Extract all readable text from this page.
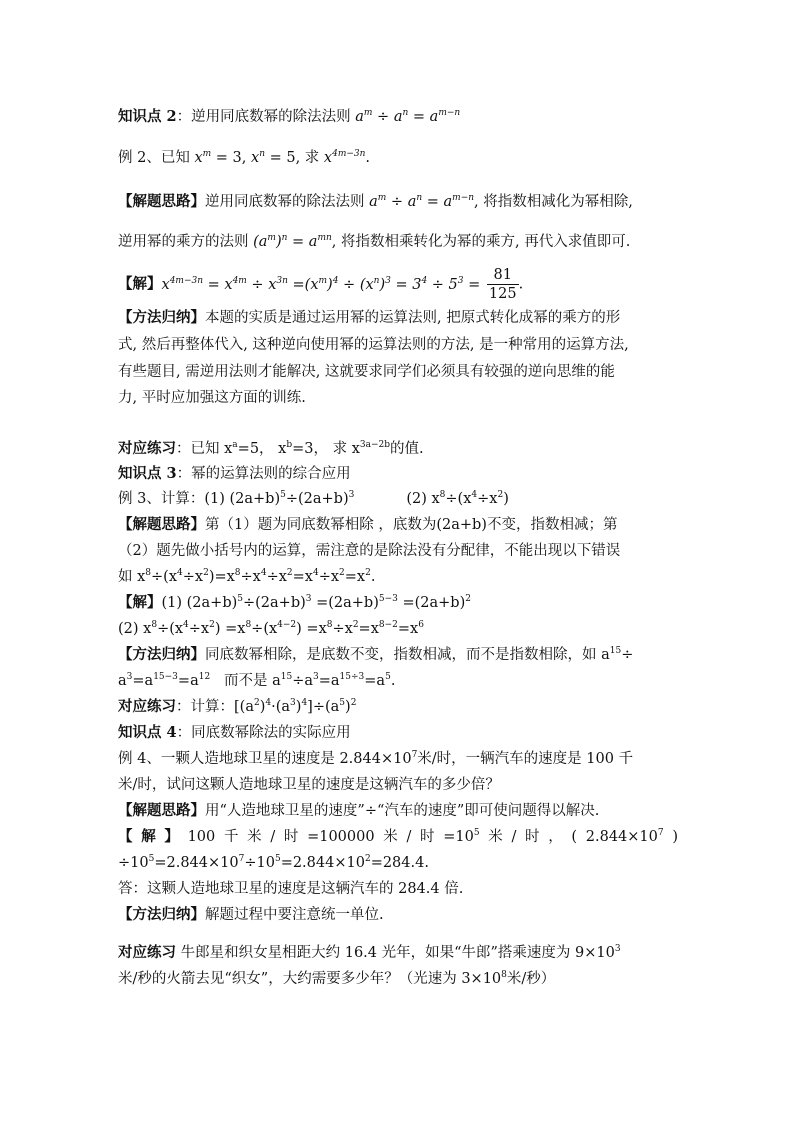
知识点 2：逆用同底数幂的除法法则 $a^m \div a^n = a^{m-n}$
例 2、已知 $x^m = 3$, $x^n = 5$, 求 $x^{4m-3n}$.
【解题思路】逆用同底数幂的除法法则 $a^m \div a^n = a^{m-n}$, 将指数相减化为幂相除,
逆用幂的乘方的法则 $(a^m)^n = a^{mn}$, 将指数相乘转化为幂的乘方, 再代入求值即可.
【解】$x^{4m-3n} = x^{4m} \div x^{3n} =(x^m)^4 \div (x^n)^3 = 3^4 \div 5^3 = \frac{81}{125}$ .
【方法归纳】本题的实质是通过运用幂的运算法则, 把原式转化成幂的乘方的形
式, 然后再整体代入, 这种逆向使用幂的运算法则的方法, 是一种常用的运算方法,
有些题目, 需逆用法则才能解决, 这就要求同学们必须具有较强的逆向思维的能
力, 平时应加强这方面的训练.
对应练习：已知 $x^a=5$， $x^b=3$， 求 $x^{3a-2b}$的值.
知识点 3：幂的运算法则的综合应用
例 3、计算：(1) $(2a+b)^5\div(2a+b)^3$	(2) $x^8\div(x^4\div x^2)$
【解题思路】第（1）题为同底数幂相除 ，底数为(2a+b)不变，指数相减；第
（2）题先做小括号内的运算，需注意的是除法没有分配律，不能出现以下错误
如 $x^8\div(x^4\div x^2)=x^8\div x^4\div x^2=x^4\div x^2=x^2$.
【解】(1) $(2a+b)^5\div(2a+b)^3 =(2a+b)^{5-3} =(2a+b)^2$
(2) $x^8\div(x^4\div x^2) =x^8\div(x^{4-2}) =x^8\div x^2=x^{8-2}=x^6$
【方法归纳】同底数幂相除，是底数不变，指数相减，而不是指数相除，如 $a^{15}\div$
$a^3=a^{15-3}=a^{12}$   而不是 $a^{15}\div a^3=a^{15\div 3}=a^5$.
对应练习：计算：$[(a^2)^4\cdot(a^3)^4]\div(a^5)^2$
知识点 4：同底数幂除法的实际应用
例 4、一颗人造地球卫星的速度是 $2.844\times 10^7$米/时，一辆汽车的速度是 100 千
米/时，试问这颗人造地球卫星的速度是这辆汽车的多少倍？
【解题思路】用“人造地球卫星的速度”÷“汽车的速度”即可使问题得以解决.
【 解 】 100 千 米 / 时 =100000 米 / 时 $=10^5$ 米 / 时 ， ( $2.844\times 10^7$ )
$\div 10^5=2.844\times 10^7\div 10^5=2.844\times 10^2=284.4$.
答：这颗人造地球卫星的速度是这辆汽车的 284.4 倍.
【方法归纳】解题过程中要注意统一单位.
对应练习 牛郎星和织女星相距大约 16.4 光年，如果“牛郎”搭乘速度为 $9\times 10^3$
米/秒的火箭去见“织女”，大约需要多少年？（光速为 $3\times 10^8$米/秒）
